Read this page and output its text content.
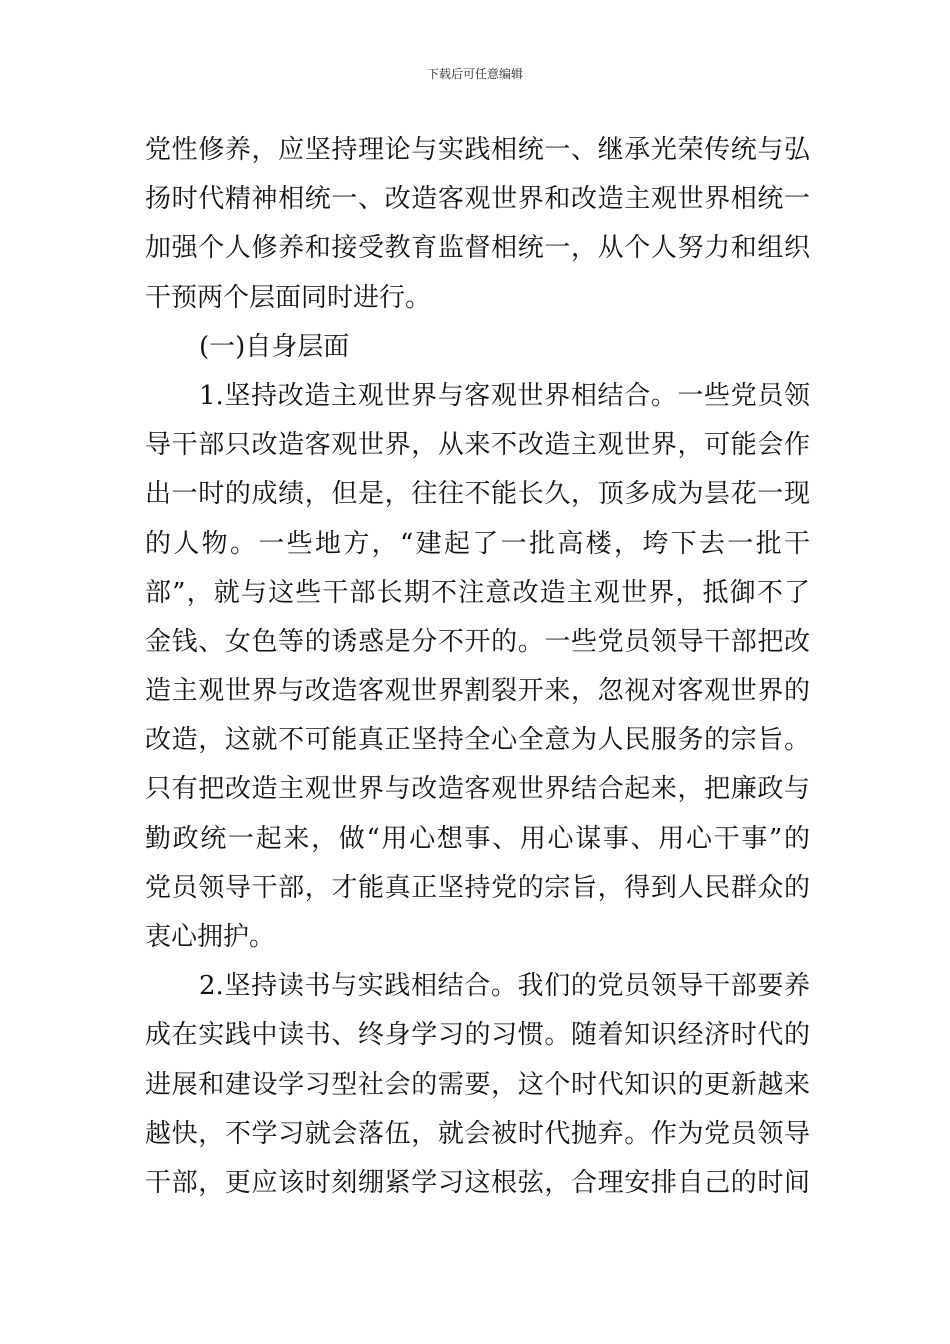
下载后可任意编辑
党性修养，应坚持理论与实践相统一、继承光荣传统与弘
扬时代精神相统一、改造客观世界和改造主观世界相统一
加强个人修养和接受教育监督相统一，从个人努力和组织
干预两个层面同时进行。
(一)自身层面
1.坚持改造主观世界与客观世界相结合。一些党员领
导干部只改造客观世界，从来不改造主观世界，可能会作
出一时的成绩，但是，往往不能长久，顶多成为昙花一现
的人物。一些地方，“建起了一批高楼，垮下去一批干
部”，就与这些干部长期不注意改造主观世界，抵御不了
金钱、女色等的诱惑是分不开的。一些党员领导干部把改
造主观世界与改造客观世界割裂开来，忽视对客观世界的
改造，这就不可能真正坚持全心全意为人民服务的宗旨。
只有把改造主观世界与改造客观世界结合起来，把廉政与
勤政统一起来，做“用心想事、用心谋事、用心干事”的
党员领导干部，才能真正坚持党的宗旨，得到人民群众的
衷心拥护。
2.坚持读书与实践相结合。我们的党员领导干部要养
成在实践中读书、终身学习的习惯。随着知识经济时代的
进展和建设学习型社会的需要，这个时代知识的更新越来
越快，不学习就会落伍，就会被时代抛弃。作为党员领导
干部，更应该时刻绷紧学习这根弦，合理安排自己的时间
